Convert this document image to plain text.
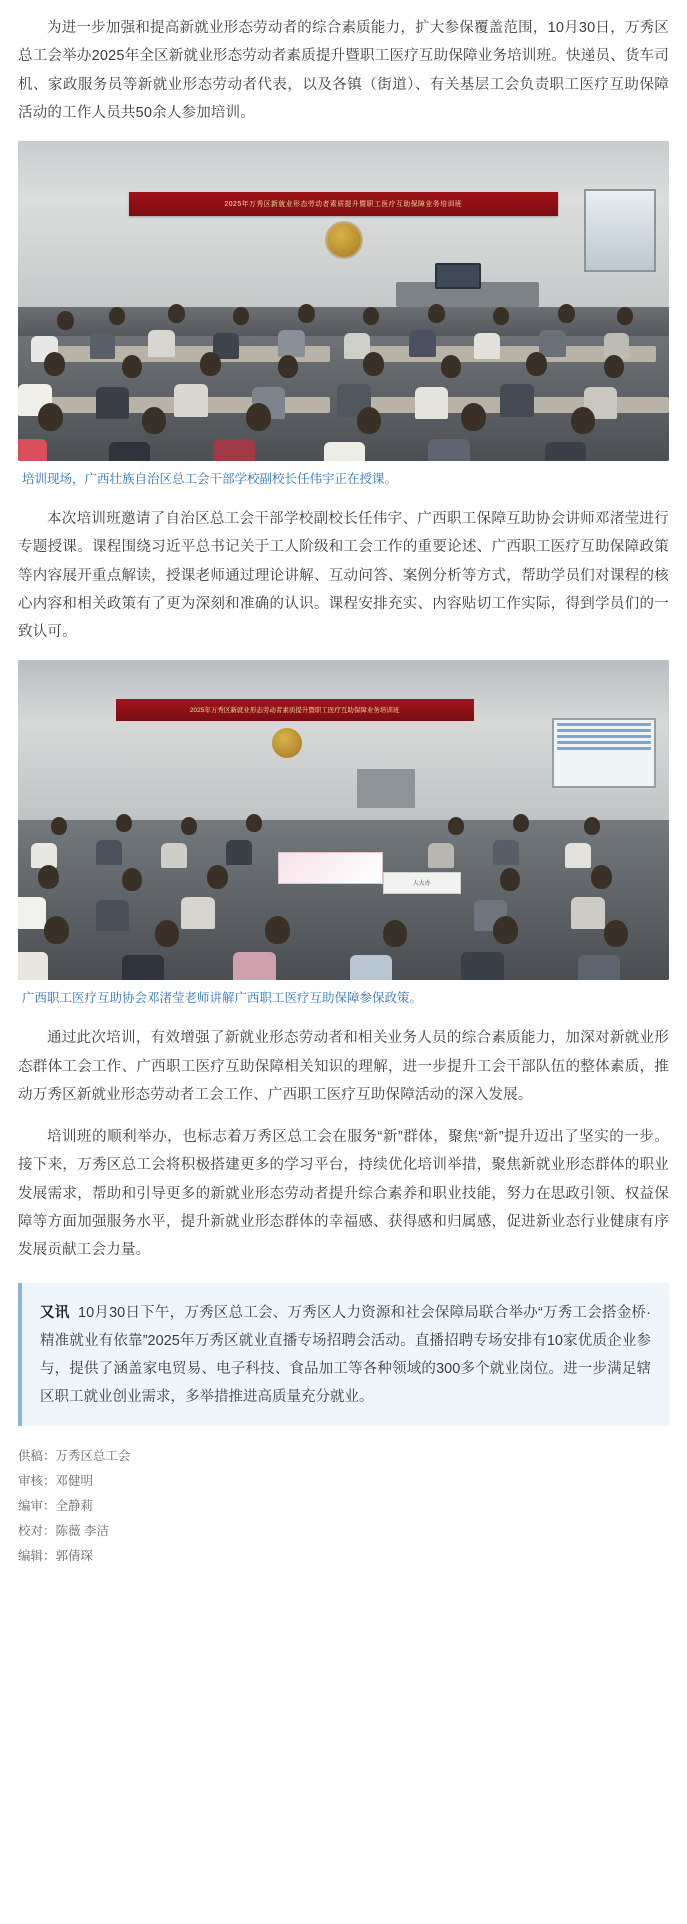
为进一步加强和提高新就业形态劳动者的综合素质能力，扩大参保覆盖范围，10月30日，万秀区总工会举办2025年全区新就业形态劳动者素质提升暨职工医疗互助保障业务培训班。快递员、货车司机、家政服务员等新就业形态劳动者代表，以及各镇（街道）、有关基层工会负责职工医疗互助保障活动的工作人员共50余人参加培训。

2025年万秀区新就业形态劳动者素质提升暨职工医疗互助保障业务培训班
培训现场，广西壮族自治区总工会干部学校副校长任伟宇正在授课。

本次培训班邀请了自治区总工会干部学校副校长任伟宇、广西职工保障互助协会讲师邓渚莹进行专题授课。课程围绕习近平总书记关于工人阶级和工会工作的重要论述、广西职工医疗互助保障政策等内容展开重点解读，授课老师通过理论讲解、互动问答、案例分析等方式，帮助学员们对课程的核心内容和相关政策有了更为深刻和准确的认识。课程安排充实、内容贴切工作实际，得到学员们的一致认可。

2025年万秀区新就业形态劳动者素质提升暨职工医疗互助保障业务培训班
人大办
广西职工医疗互助协会邓渚莹老师讲解广西职工医疗互助保障参保政策。

通过此次培训，有效增强了新就业形态劳动者和相关业务人员的综合素质能力，加深对新就业形态群体工会工作、广西职工医疗互助保障相关知识的理解，进一步提升工会干部队伍的整体素质，推动万秀区新就业形态劳动者工会工作、广西职工医疗互助保障活动的深入发展。

培训班的顺利举办，也标志着万秀区总工会在服务“新”群体，聚焦“新”提升迈出了坚实的一步。接下来，万秀区总工会将积极搭建更多的学习平台，持续优化培训举措，聚焦新就业形态群体的职业发展需求，帮助和引导更多的新就业形态劳动者提升综合素养和职业技能，努力在思政引领、权益保障等方面加强服务水平，提升新就业形态群体的幸福感、获得感和归属感，促进新业态行业健康有序发展贡献工会力量。

又讯 10月30日下午，万秀区总工会、万秀区人力资源和社会保障局联合举办“万秀工会搭金桥·精准就业有依靠”2025年万秀区就业直播专场招聘会活动。直播招聘专场安排有10家优质企业参与，提供了涵盖家电贸易、电子科技、食品加工等各种领域的300多个就业岗位。进一步满足辖区职工就业创业需求，多举措推进高质量充分就业。

供稿：万秀区总工会
审核：邓健明
编审：全静莉
校对：陈薇 李洁
编辑：郭倩琛
